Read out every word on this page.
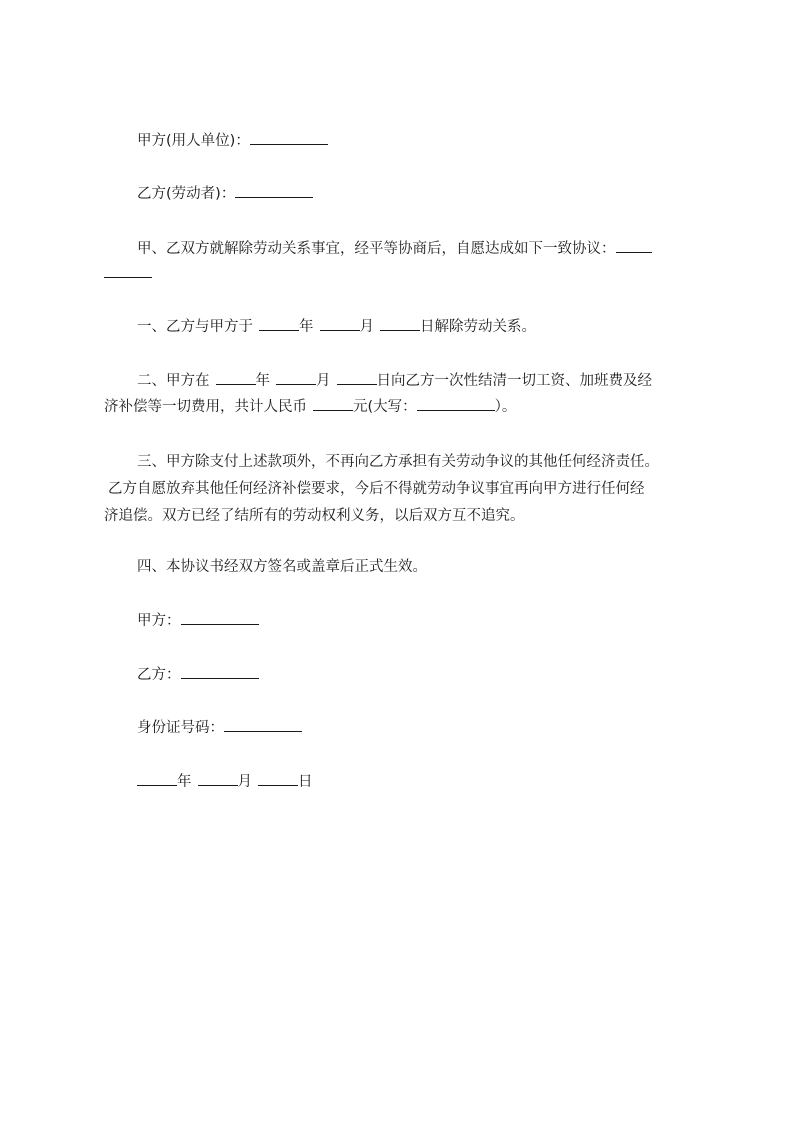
甲方(用人单位)：
乙方(劳动者)：
甲、乙双方就解除劳动关系事宜，经平等协商后，自愿达成如下一致协议：
一、乙方与甲方于	年	月	日解除劳动关系。
二、甲方在	年	月	日向乙方一次性结清一切工资、加班费及经
济补偿等一切费用，共计人民币	元(大写：	）。
三、甲方除支付上述款项外，不再向乙方承担有关劳动争议的其他任何经济责任。
乙方自愿放弃其他任何经济补偿要求，今后不得就劳动争议事宜再向甲方进行任何经
济追偿。双方已经了结所有的劳动权利义务，以后双方互不追究。
四、本协议书经双方签名或盖章后正式生效。
甲方：
乙方：
身份证号码：
年	月	日
